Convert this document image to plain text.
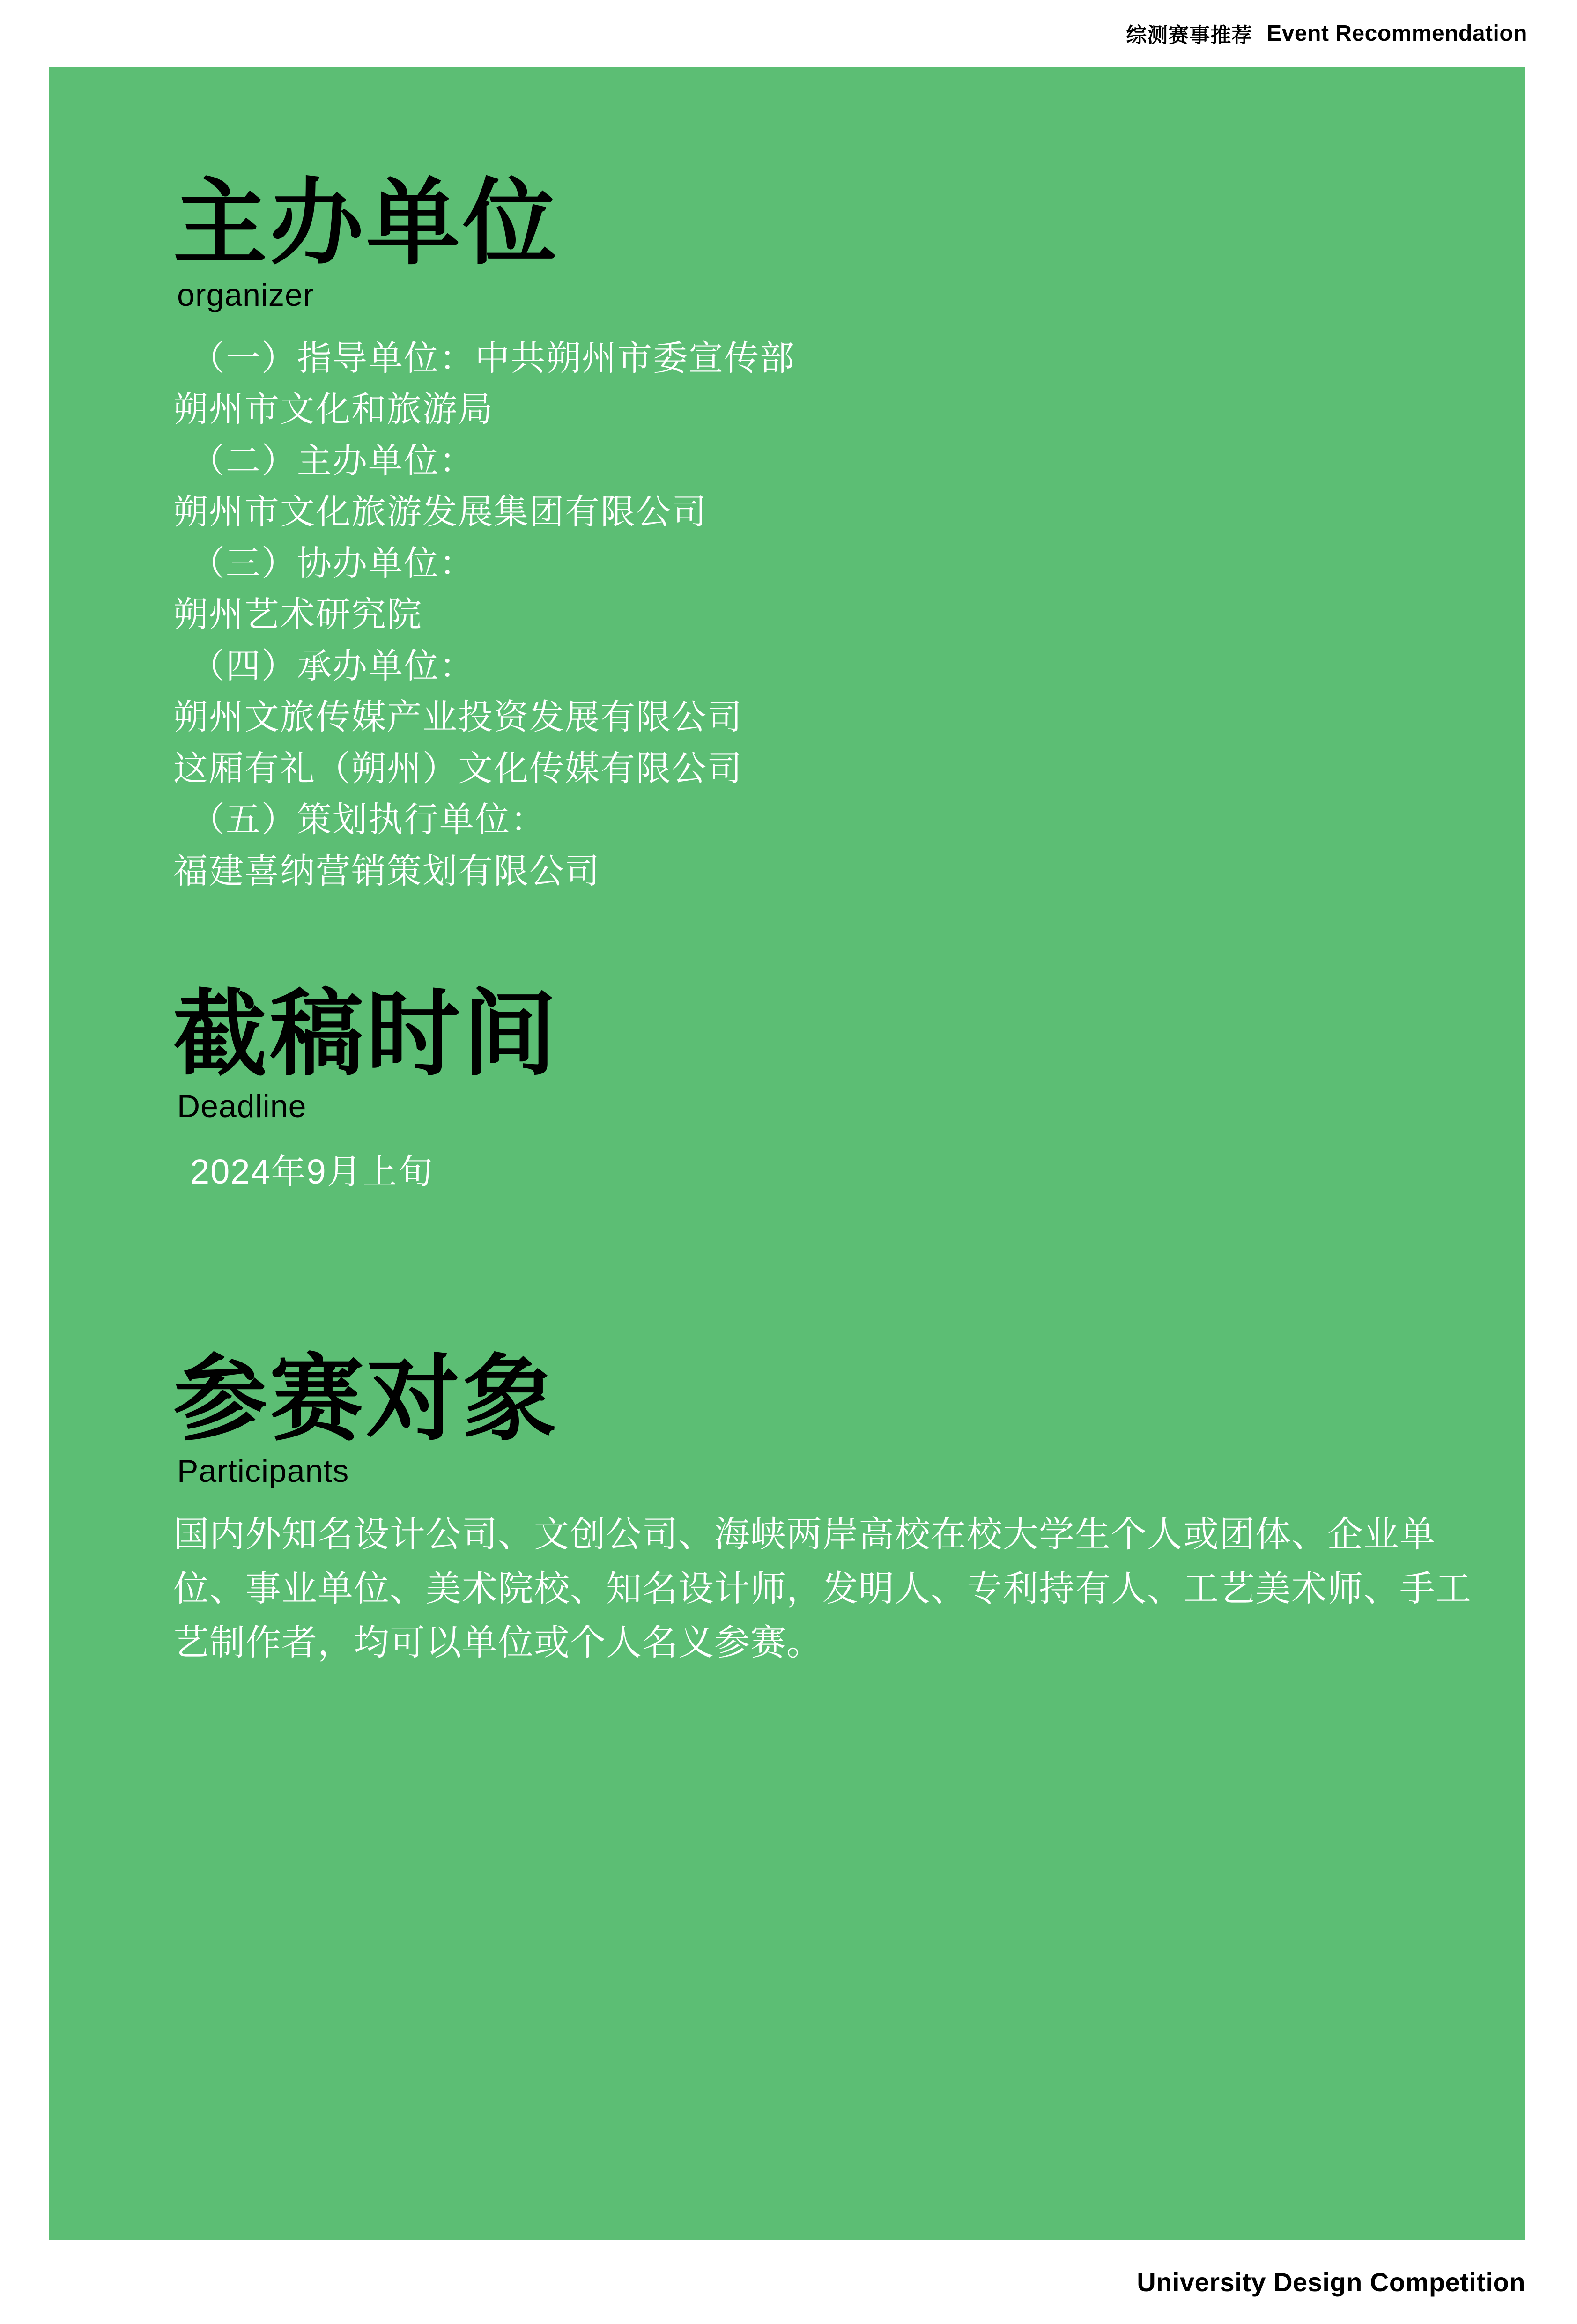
综测赛事推荐 Event Recommendation
主办单位
organizer
（一）指导单位：中共朔州市委宣传部
朔州市文化和旅游局
（二）主办单位：
朔州市文化旅游发展集团有限公司
（三）协办单位：
朔州艺术研究院
（四）承办单位：
朔州文旅传媒产业投资发展有限公司
这厢有礼（朔州）文化传媒有限公司
（五）策划执行单位：
福建喜纳营销策划有限公司
截稿时间
Deadline
2024年9月上旬
参赛对象
Participants
国内外知名设计公司、文创公司、海峡两岸高校在校大学生个人或团体、企业单位、事业单位、美术院校、知名设计师，发明人、专利持有人、工艺美术师、手工艺制作者，均可以单位或个人名义参赛。
University Design Competition
